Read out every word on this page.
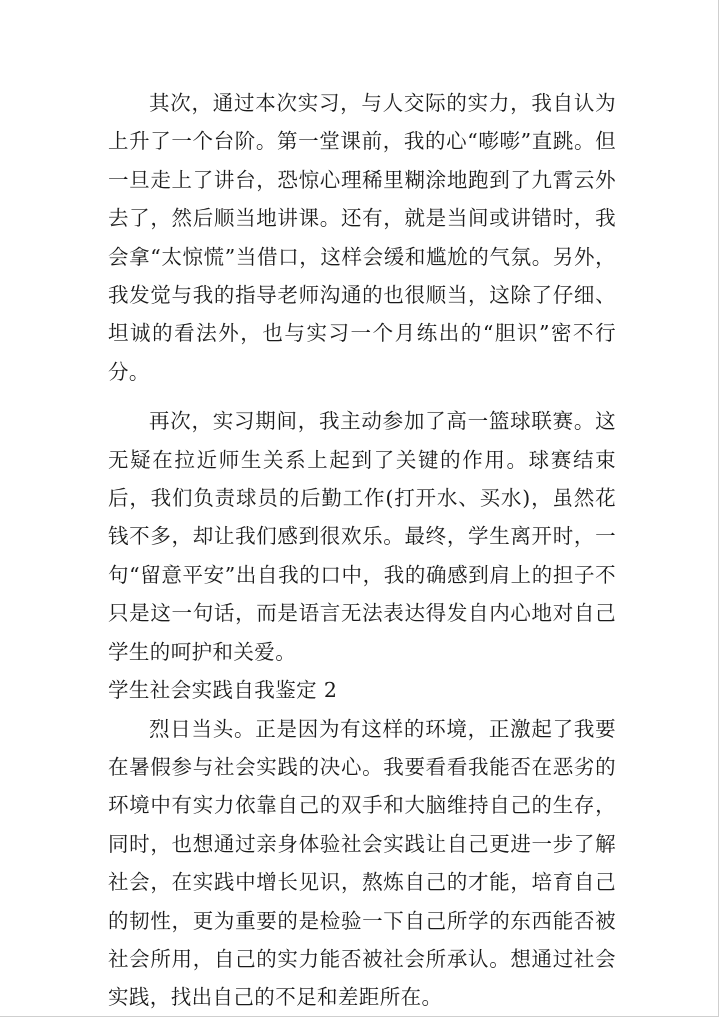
其次，通过本次实习，与人交际的实力，我自认为上升了一个台阶。第一堂课前，我的心“嘭嘭”直跳。但一旦走上了讲台，恐惊心理稀里糊涂地跑到了九霄云外去了，然后顺当地讲课。还有，就是当间或讲错时，我会拿“太惊慌”当借口，这样会缓和尴尬的气氛。另外，我发觉与我的指导老师沟通的也很顺当，这除了仔细、坦诚的看法外，也与实习一个月练出的“胆识”密不行分。

再次，实习期间，我主动参加了高一篮球联赛。这无疑在拉近师生关系上起到了关键的作用。球赛结束后，我们负责球员的后勤工作(打开水、买水)，虽然花钱不多，却让我们感到很欢乐。最终，学生离开时，一句“留意平安”出自我的口中，我的确感到肩上的担子不只是这一句话，而是语言无法表达得发自内心地对自己学生的呵护和关爱。

学生社会实践自我鉴定 2

烈日当头。正是因为有这样的环境，正激起了我要在暑假参与社会实践的决心。我要看看我能否在恶劣的环境中有实力依靠自己的双手和大脑维持自己的生存，同时，也想通过亲身体验社会实践让自己更进一步了解社会，在实践中增长见识，熬炼自己的才能，培育自己的韧性，更为重要的是检验一下自己所学的东西能否被社会所用，自己的实力能否被社会所承认。想通过社会实践，找出自己的不足和差距所在。
